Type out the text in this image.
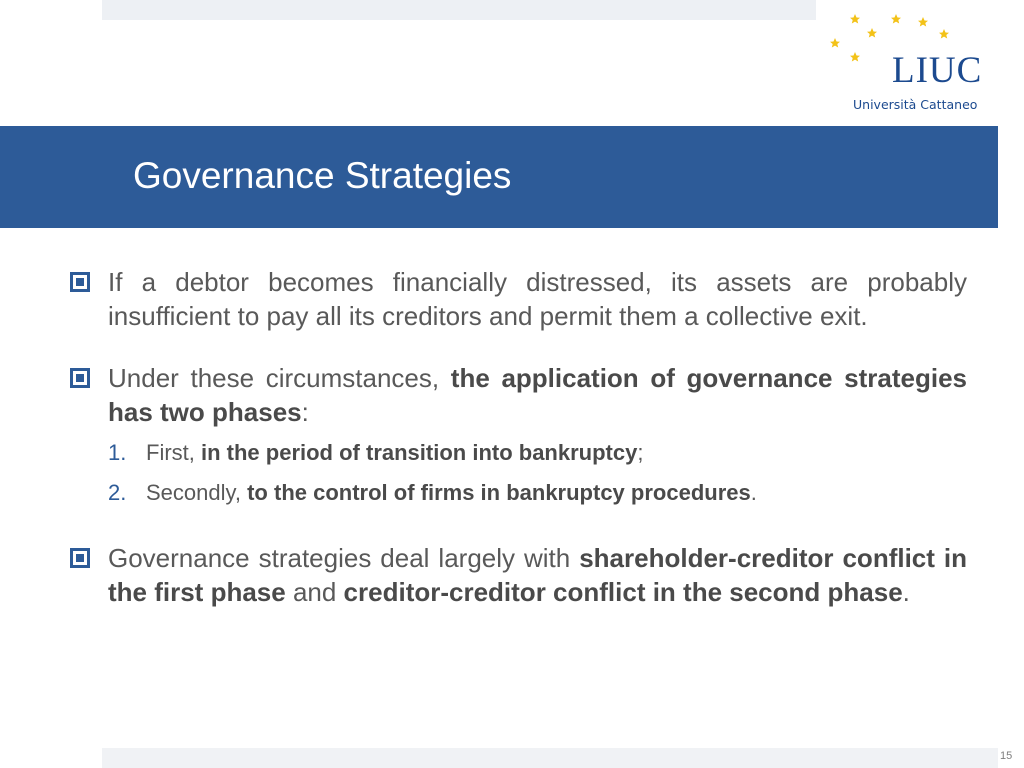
LIUC
Università Cattaneo
Governance Strategies
If a debtor becomes financially distressed, its assets are probably insufficient to pay all its creditors and permit them a collective exit.
Under these circumstances, the application of governance strategies has two phases:
1. First, in the period of transition into bankruptcy;
2. Secondly, to the control of firms in bankruptcy procedures.
Governance strategies deal largely with shareholder-creditor conflict in the first phase and creditor-creditor conflict in the second phase.
15
